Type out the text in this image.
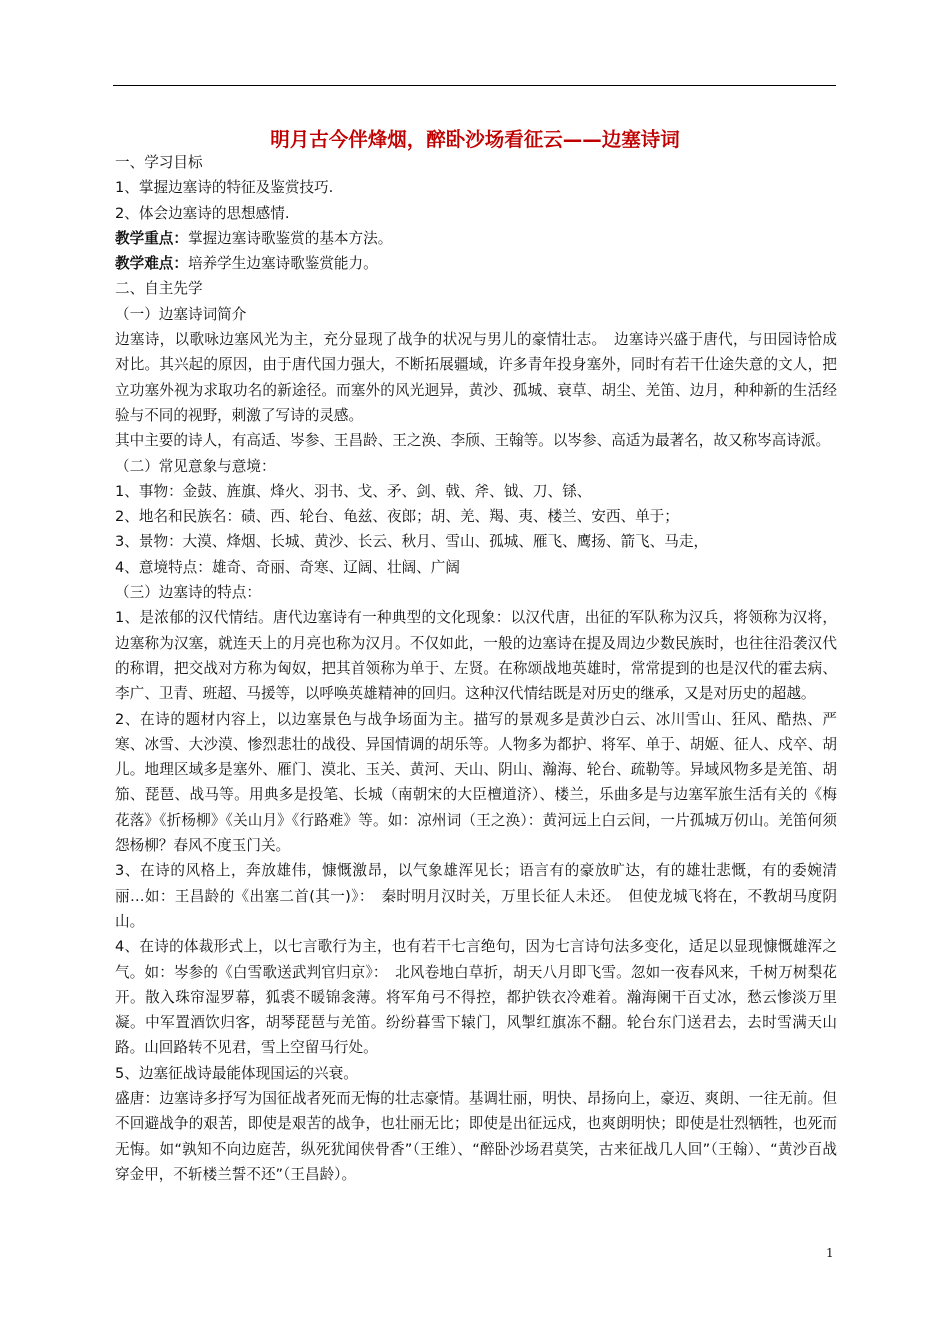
明月古今伴烽烟，醉卧沙场看征云——边塞诗词

一、学习目标

1、掌握边塞诗的特征及鉴赏技巧.

2、体会边塞诗的思想感情.

教学重点：掌握边塞诗歌鉴赏的基本方法。

教学难点：培养学生边塞诗歌鉴赏能力。

二、自主先学

（一）边塞诗词简介

边塞诗，以歌咏边塞风光为主，充分显现了战争的状况与男儿的豪情壮志。　边塞诗兴盛于唐代，与田园诗恰成对比。其兴起的原因，由于唐代国力强大，不断拓展疆域，许多青年投身塞外，同时有若干仕途失意的文人，把立功塞外视为求取功名的新途径。而塞外的风光迥异，黄沙、孤城、衰草、胡尘、羌笛、边月，种种新的生活经验与不同的视野，刺激了写诗的灵感。

其中主要的诗人，有高适、岑参、王昌龄、王之涣、李颀、王翰等。以岑参、高适为最著名，故又称岑高诗派。

（二）常见意象与意境：

1、事物：金鼓、旌旗、烽火、羽书、戈、矛、剑、戟、斧、钺、刀、铩、

2、地名和民族名：碛、西、轮台、龟兹、夜郎；胡、羌、羯、夷、楼兰、安西、单于；

3、景物：大漠、烽烟、长城、黄沙、长云、秋月、雪山、孤城、雁飞、鹰扬、箭飞、马走，

4、意境特点：雄奇、奇丽、奇寒、辽阔、壮阔、广阔

（三）边塞诗的特点：

1、是浓郁的汉代情结。唐代边塞诗有一种典型的文化现象：以汉代唐，出征的军队称为汉兵，将领称为汉将，边塞称为汉塞，就连天上的月亮也称为汉月。不仅如此，一般的边塞诗在提及周边少数民族时，也往往沿袭汉代的称谓，把交战对方称为匈奴，把其首领称为单于、左贤。在称颂战地英雄时，常常提到的也是汉代的霍去病、李广、卫青、班超、马援等，以呼唤英雄精神的回归。这种汉代情结既是对历史的继承，又是对历史的超越。

2、在诗的题材内容上，以边塞景色与战争场面为主。描写的景观多是黄沙白云、冰川雪山、狂风、酷热、严寒、冰雪、大沙漠、惨烈悲壮的战役、异国情调的胡乐等。人物多为都护、将军、单于、胡姬、征人、戍卒、胡儿。地理区域多是塞外、雁门、漠北、玉关、黄河、天山、阴山、瀚海、轮台、疏勒等。异域风物多是羌笛、胡笳、琵琶、战马等。用典多是投笔、长城（南朝宋的大臣檀道济）、楼兰，乐曲多是与边塞军旅生活有关的《梅花落》《折杨柳》《关山月》《行路难》等。如：凉州词（王之涣）：黄河远上白云间，一片孤城万仞山。羌笛何须怨杨柳？春风不度玉门关。

3、在诗的风格上，奔放雄伟，慷慨激昂，以气象雄浑见长；语言有的豪放旷达，有的雄壮悲慨，有的委婉清丽…如：王昌龄的《出塞二首(其一)》：　秦时明月汉时关，万里长征人未还。　但使龙城飞将在，不教胡马度阴山。

4、在诗的体裁形式上，以七言歌行为主，也有若干七言绝句，因为七言诗句法多变化，适足以显现慷慨雄浑之气。如：岑参的《白雪歌送武判官归京》：　北风卷地白草折，胡天八月即飞雪。忽如一夜春风来，千树万树梨花开。散入珠帘湿罗幕，狐裘不暖锦衾薄。将军角弓不得控，都护铁衣冷难着。瀚海阑干百丈冰，愁云惨淡万里凝。中军置酒饮归客，胡琴琵琶与羌笛。纷纷暮雪下辕门，风掣红旗冻不翻。轮台东门送君去，去时雪满天山路。山回路转不见君，雪上空留马行处。

5、边塞征战诗最能体现国运的兴衰。

盛唐：边塞诗多抒写为国征战者死而无悔的壮志豪情。基调壮丽，明快、昂扬向上，豪迈、爽朗、一往无前。但不回避战争的艰苦，即使是艰苦的战争，也壮丽无比；即使是出征远戍，也爽朗明快；即使是壮烈牺牲，也死而无悔。如“孰知不向边庭苦，纵死犹闻侠骨香”（王维）、“醉卧沙场君莫笑，古来征战几人回”（王翰）、“黄沙百战穿金甲，不斩楼兰誓不还”（王昌龄）。

1
